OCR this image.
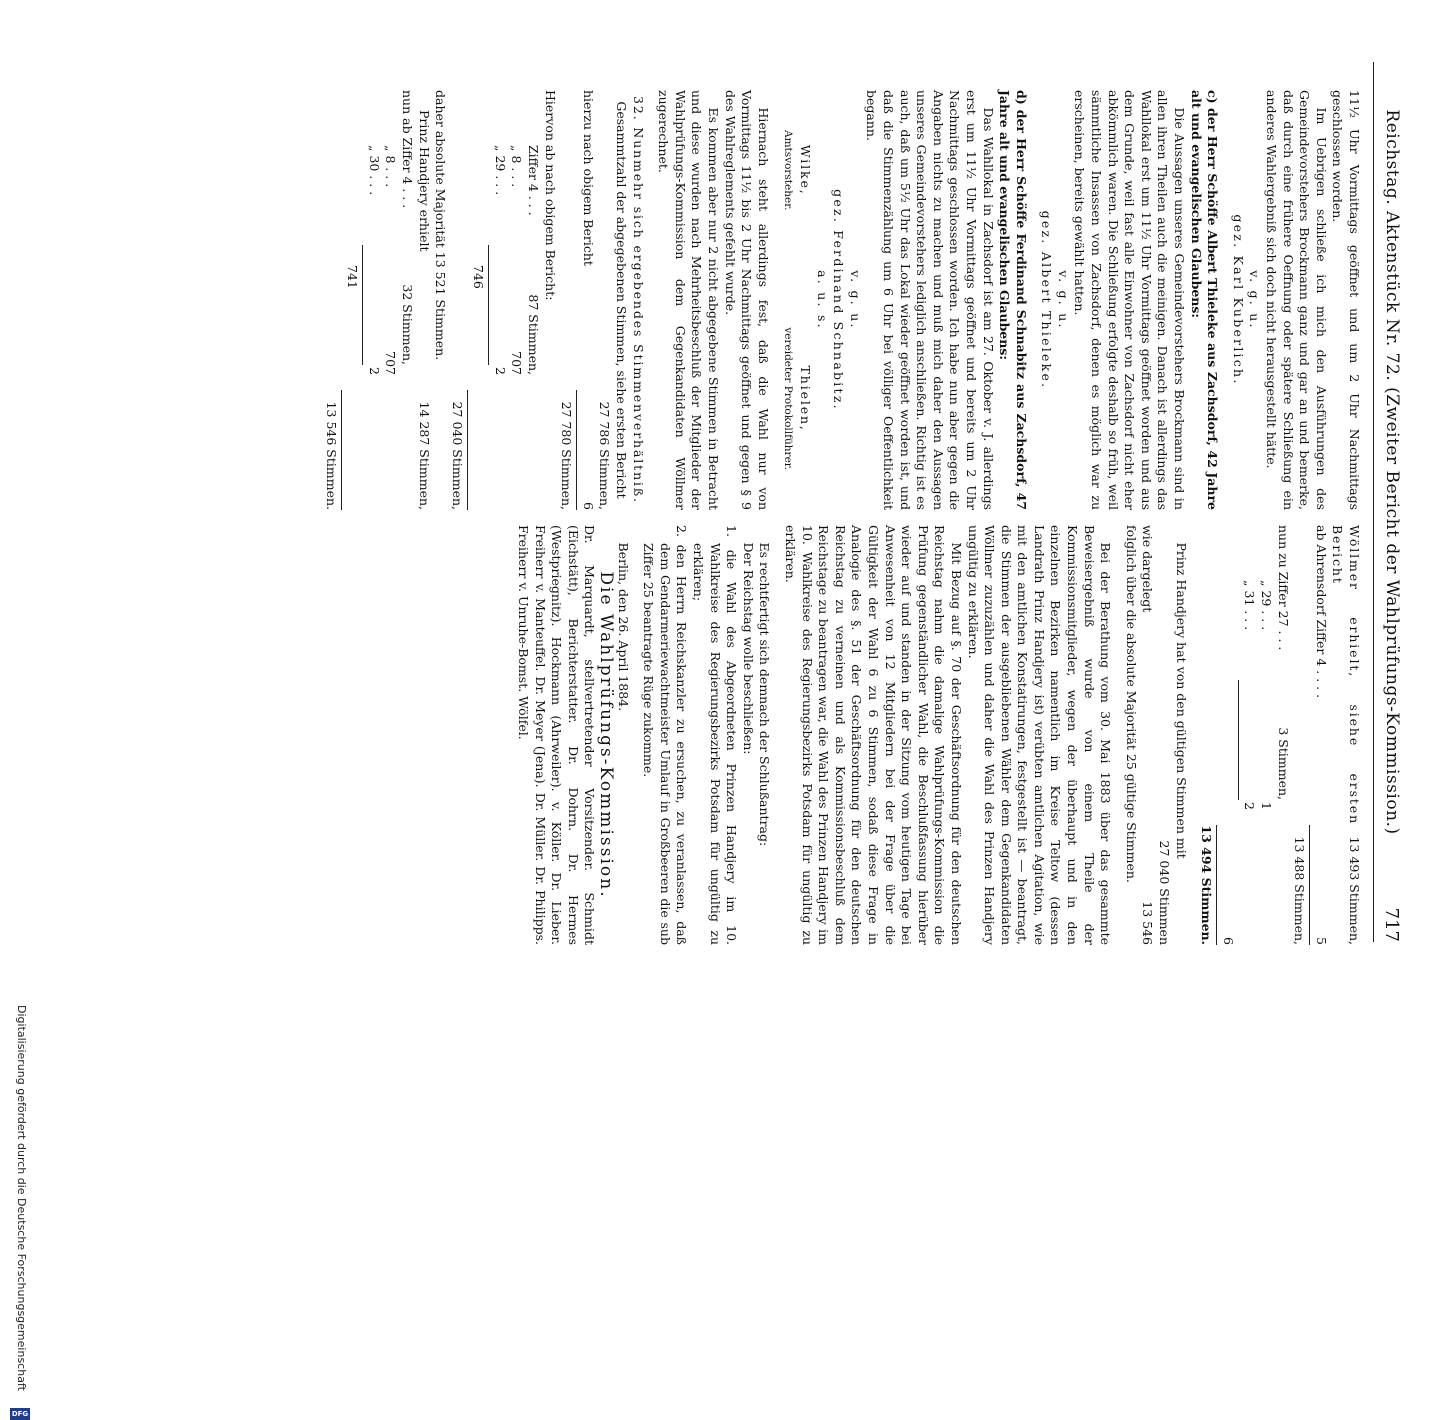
Reichstag. Aktenstück Nr. 72. (Zweiter Bericht der Wahlprüfungs-Kommission.)
717

11½ Uhr Vormittags geöffnet und um 2 Uhr Nachmittags geschlossen worden.

Im Uebrigen schließe ich mich den Ausführungen des Gemeindevorstehers Brockmann ganz und gar an und bemerke, daß durch eine frühere Oeffnung oder spätere Schließung ein anderes Wahlergebniß sich doch nicht herausgestellt hätte.

v. g. u.

gez. Karl Kuberlich.

c) der Herr Schöffe Albert Thieleke aus Zachsdorf, 42 Jahre alt und evangelischen Glaubens:

Die Aussagen unseres Gemeindevorstehers Brockmann sind in allen ihren Theilen auch die meinigen. Danach ist allerdings das Wahllokal erst um 11½ Uhr Vormittags geöffnet worden und aus dem Grunde, weil fast alle Einwohner von Zachsdorf nicht eher abkömmlich waren. Die Schließung erfolgte deshalb so früh, weil sämmtliche Insassen von Zachsdorf, denen es möglich war zu erscheinen, bereits gewählt hatten.

v. g. u.

gez. Albert Thieleke.

d) der Herr Schöffe Ferdinand Schnabitz aus Zachsdorf, 47 Jahre alt und evangelischen Glaubens:

Das Wahllokal in Zachsdorf ist am 27. Oktober v. J. allerdings erst um 11½ Uhr Vormittags geöffnet und bereits um 2 Uhr Nachmittags geschlossen worden. Ich habe nun aber gegen die Angaben nichts zu machen und muß mich daher den Aussagen unseres Gemeindevorstehers lediglich anschließen. Richtig ist es auch, daß um 5½ Uhr das Lokal wieder geöffnet worden ist, und daß die Stimmenzählung um 6 Uhr bei völliger Oeffentlichkeit begann.

v. g. u.

gez. Ferdinand Schnabitz.

a. u. s.

Wilke,
Amtsvorsteher.
Thielen,
vereideter Protokollführer.

Hiernach steht allerdings fest, daß die Wahl nur von Vormittags 11½ bis 2 Uhr Nachmittags geöffnet und gegen § 9 des Wahlreglements gefehlt wurde.

Es kommen aber nur 2 nicht abgegebene Stimmen in Betracht und diese wurden nach Mehrheitsbeschluß der Mitglieder der Wahlprüfungs-Kommission dem Gegenkandidaten Wöllmer zugerechnet.

32. Nunmehr sich ergebendes Stimmenverhältniß.

Gesammtzahl der abgegebenen Stimmen, siehe ersten Bericht

27 786 Stimmen,
hierzu nach obigem Bericht
6
27 780 Stimmen,

Hiervon ab nach obigem Bericht:

Ziffer 4 . . .
87 Stimmen,
„ 8 . . .
707
„ 29 . . .
2
746
27 040 Stimmen,

daher absolute Majorität 13 521 Stimmen.

Prinz Handjery erhielt
14 287 Stimmen,
nun ab Ziffer 4 . . .
32 Stimmen,
„ 8 . . .
707
„ 30 . . .
2
741
13 546 Stimmen.
Wöllmer erhielt, siehe ersten Bericht
13 493 Stimmen,
ab Ahrensdorf Ziffer 4 . . . .
5
13 488 Stimmen,
nun zu Ziffer 27 . . .
3 Stimmen,
„ 29 . . .
1
„ 31 . . .
2
6
13 494 Stimmen.

Prinz Handjery hat von den gültigen Stimmen mit

27 040 Stimmen
wie dargelegt
13 546

folglich über die absolute Majorität 25 gültige Stimmen.

Bei der Berathung vom 30. Mai 1883 über das gesammte Beweisergebniß wurde von einem Theile der Kommissionsmitglieder, wegen der überhaupt und in den einzelnen Bezirken namentlich im Kreise Teltow (dessen Landrath Prinz Handjery ist) verübten amtlichen Agitation, wie mit den amtlichen Konstatirungen, festgestellt ist — beantragt, die Stimmen der ausgebliebenen Wähler dem Gegenkandidaten Wöllmer zuzuzählen und daher die Wahl des Prinzen Handjery ungültig zu erklären.

Mit Bezug auf §. 70 der Geschäftsordnung für den deutschen Reichstag nahm die damalige Wahlprüfungs-Kommission die Prüfung gegenständlicher Wahl, die Beschlußfassung hierüber wieder auf und standen in der Sitzung vom heutigen Tage bei Anwesenheit von 12 Mitgliedern bei der Frage über die Gültigkeit der Wahl 6 zu 6 Stimmen, sodaß diese Frage in Analogie des §. 51 der Geschäftsordnung für den deutschen Reichstag zu verneinen und als Kommissionsbeschluß dem Reichstage zu beantragen war, die Wahl des Prinzen Handjery im 10. Wahlkreise des Regierungsbezirks Potsdam für ungültig zu erklären.

Es rechtfertigt sich demnach der Schlußantrag:

Der Reichstag wolle beschließen:

1. die Wahl des Abgeordneten Prinzen Handjery im 10. Wahlkreise des Regierungsbezirks Potsdam für ungültig zu erklären;

2. den Herrn Reichskanzler zu ersuchen, zu veranlassen, daß dem Gendarmeriewachtmeister Umlauf in Großbeeren die sub Ziffer 25 beantragte Rüge zukomme.

Berlin, den 26. April 1884.

Die Wahlprüfungs-Kommission.

Dr. Marquardt, stellvertretender Vorsitzender. Schmidt (Eichstätt), Berichterstatter. Dr. Dohrn. Dr. Hermes (Westpriegnitz). Hockmann (Ahrweiler). v. Köller. Dr. Lieber. Freiherr v. Manteuffel. Dr. Meyer (Jena). Dr. Müller. Dr. Philipps. Freiherr v. Unruhe-Bomst. Wölfel.

Digitalisierung gefördert durch die Deutsche Forschungsgemeinschaft
DFG
